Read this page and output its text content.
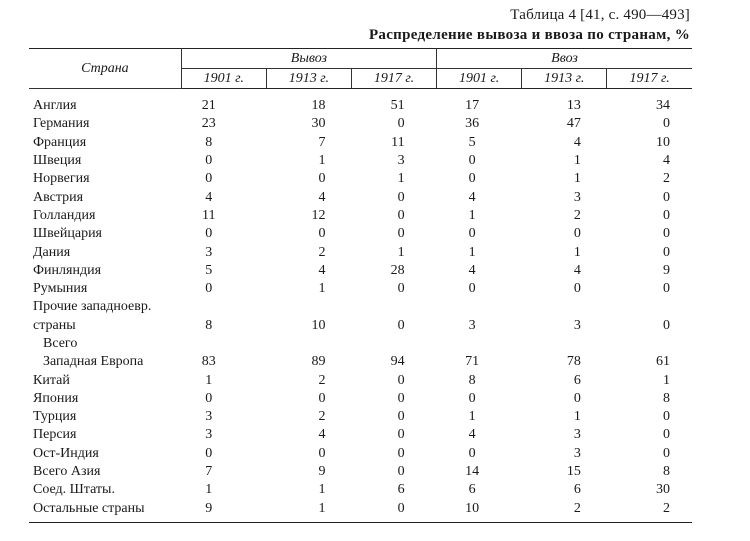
Таблица 4 [41, с. 490—493]
Распределение вывоза и ввоза по странам, %
Страна	Вывоз			Ввоз		
	1901 г.	1913 г.	1917 г.	1901 г.	1913 г.	1917 г.
Англия	21	18	51	17	13	34
Германия	23	30	0	36	47	0
Франция	8	7	11	5	4	10
Швеция	0	1	3	0	1	4
Норвегия	0	0	1	0	1	2
Австрия	4	4	0	4	3	0
Голландия	11	12	0	1	2	0
Швейцария	0	0	0	0	0	0
Дания	3	2	1	1	1	0
Финляндия	5	4	28	4	4	9
Румыния	0	1	0	0	0	0
Прочие западноевр.						
страны	8	10	0	3	3	0
Всего						
Западная Европа	83	89	94	71	78	61
Китай	1	2	0	8	6	1
Япония	0	0	0	0	0	8
Турция	3	2	0	1	1	0
Персия	3	4	0	4	3	0
Ост-Индия	0	0	0	0	3	0
Всего Азия	7	9	0	14	15	8
Соед. Штаты.	1	1	6	6	6	30
Остальные страны	9	1	0	10	2	2
